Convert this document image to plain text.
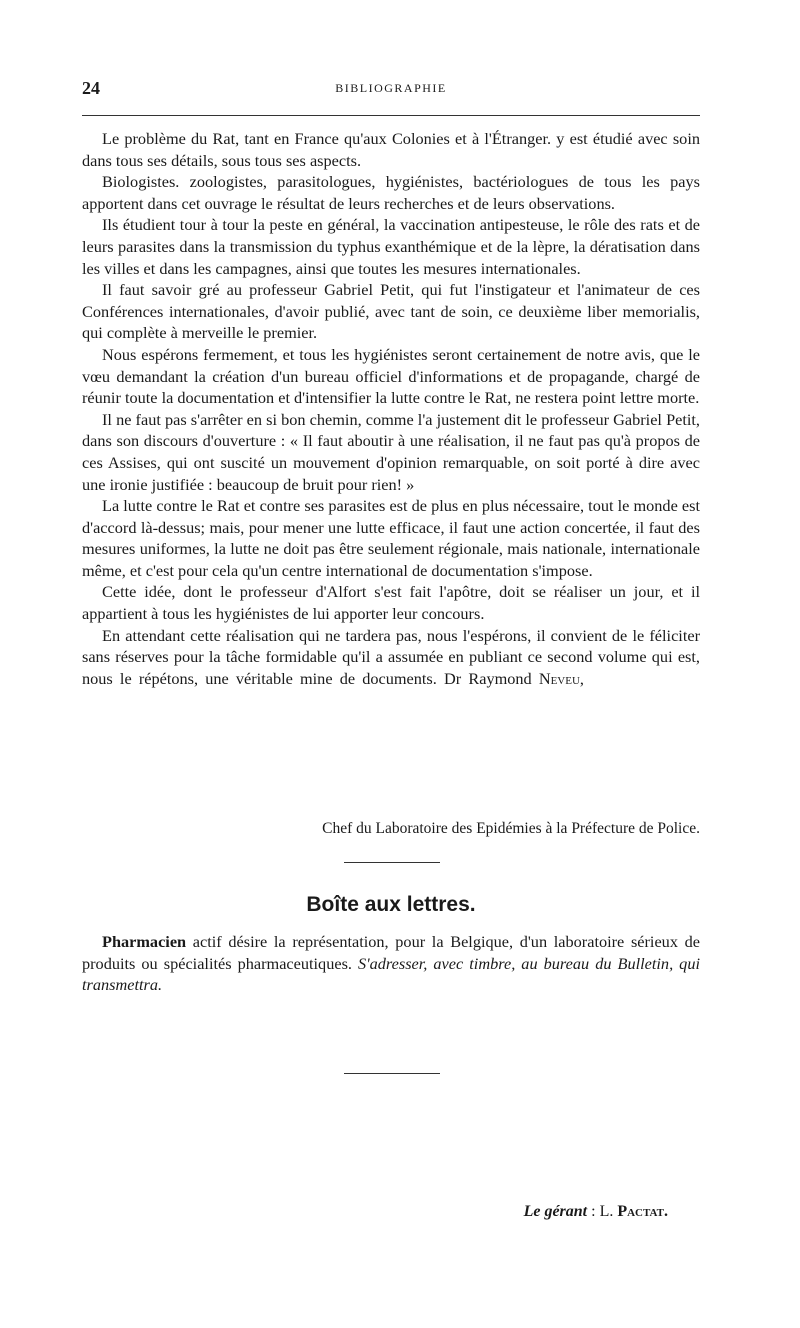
24	BIBLIOGRAPHIE

Le problème du Rat, tant en France qu'aux Colonies et à l'Étranger. y est étudié avec soin dans tous ses détails, sous tous ses aspects.

Biologistes. zoologistes, parasitologues, hygiénistes, bactériologues de tous les pays apportent dans cet ouvrage le résultat de leurs recherches et de leurs observations.

Ils étudient tour à tour la peste en général, la vaccination antipesteuse, le rôle des rats et de leurs parasites dans la transmission du typhus exanthémique et de la lèpre, la dératisation dans les villes et dans les campagnes, ainsi que toutes les mesures internationales.

Il faut savoir gré au professeur Gabriel Petit, qui fut l'instigateur et l'animateur de ces Conférences internationales, d'avoir publié, avec tant de soin, ce deuxième liber memorialis, qui complète à merveille le premier.

Nous espérons fermement, et tous les hygiénistes seront certainement de notre avis, que le vœu demandant la création d'un bureau officiel d'informations et de propagande, chargé de réunir toute la documentation et d'intensifier la lutte contre le Rat, ne restera point lettre morte.

Il ne faut pas s'arrêter en si bon chemin, comme l'a justement dit le professeur Gabriel Petit, dans son discours d'ouverture : « Il faut aboutir à une réalisation, il ne faut pas qu'à propos de ces Assises, qui ont suscité un mouvement d'opinion remarquable, on soit porté à dire avec une ironie justifiée : beaucoup de bruit pour rien! »

La lutte contre le Rat et contre ses parasites est de plus en plus nécessaire, tout le monde est d'accord là-dessus; mais, pour mener une lutte efficace, il faut une action concertée, il faut des mesures uniformes, la lutte ne doit pas être seulement régionale, mais nationale, internationale même, et c'est pour cela qu'un centre international de documentation s'impose.

Cette idée, dont le professeur d'Alfort s'est fait l'apôtre, doit se réaliser un jour, et il appartient à tous les hygiénistes de lui apporter leur concours.

En attendant cette réalisation qui ne tardera pas, nous l'espérons, il convient de le féliciter sans réserves pour la tâche formidable qu'il a assumée en publiant ce second volume qui est, nous le répétons, une véritable mine de documents. Dr Raymond Neveu,

Chef du Laboratoire des Epidémies à la Préfecture de Police.
Boîte aux lettres.

Pharmacien actif désire la représentation, pour la Belgique, d'un laboratoire sérieux de produits ou spécialités pharmaceutiques. S'adresser, avec timbre, au bureau du Bulletin, qui transmettra.

Le gérant : L. Pactat.
